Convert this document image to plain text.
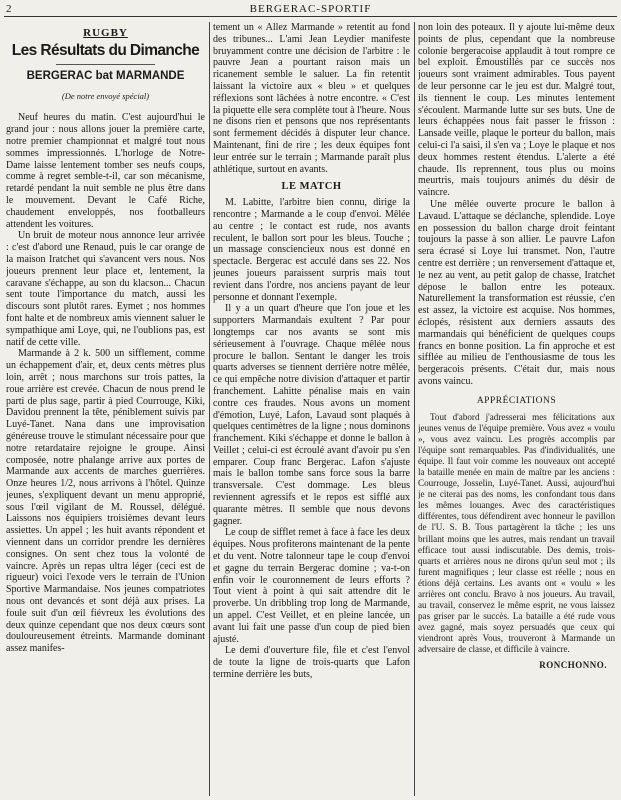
2	BERGERAC-SPORTIF
RUGBY
Les Résultats du Dimanche
BERGERAC bat MARMANDE
(De notre envoyé spécial)

Neuf heures du matin. C'est aujourd'hui le grand jour : nous allons jouer la première carte, notre premier championnat et malgré tout nous sommes impressionnés. L'horloge de Notre-Dame laisse lentement tomber ses neufs coups, comme à regret semble-t-il, car son mécanisme, retardé pendant la nuit semble ne plus être dans le mouvement. Devant le Café Riche, chaudement enveloppés, nos footballeurs attendent les voitures.

Un bruit de moteur nous annonce leur arrivée : c'est d'abord une Renaud, puis le car orange de la maison Iratchet qui s'avancent vers nous. Nos joueurs prennent leur place et, lentement, la caravane s'échappe, au son du klacson... Chacun sent toute l'importance du match, aussi les discours sont plutôt rares. Eymet ; nos hommes font halte et de nombreux amis viennent saluer le sympathique ami Loye, qui, ne l'oublions pas, est natif de cette ville.

Marmande à 2 k. 500 un sifflement, comme un échappement d'air, et, deux cents mètres plus loin, arrêt ; nous marchons sur trois pattes, la roue arrière est crevée. Chacun de nous prend le parti de plus sage, partir à pied Courrouge, Kiki, Davidou prennent la tête, péniblement suivis par Luyé-Tanet. Nana dans une improvisation généreuse trouve le stimulant nécessaire pour que notre retardataire rejoigne le groupe. Ainsi composée, notre phalange arrive aux portes de Marmande aux accents de marches guerrières. Onze heures 1/2, nous arrivons à l'hôtel. Quinze jeunes, s'expliquent devant un menu approprié, sous l'œil vigilant de M. Roussel, délégué. Laissons nos équipiers troisièmes devant leurs assiettes. Un appel ; les huit avants répondent et viennent dans un corridor prendre les dernières consignes. On sent chez tous la volonté de vaincre. Après un repas ultra léger (ceci est de rigueur) voici l'exode vers le terrain de l'Union Sportive Marmandaise. Nos jeunes compatriotes nous ont devancés et sont déjà aux prises. La foule suit d'un œil fiévreux les évolutions des deux quinze cependant que nos deux cœurs sont douloureusement étreints. Marmande dominant assez manifes-

tement un « Allez Marmande » retentit au fond des tribunes... L'ami Jean Leydier manifeste bruyamment contre une décision de l'arbitre : le pauvre Jean a pourtant raison mais un ricanement semble le saluer. La fin retentit laissant la victoire aux « bleu » et quelques réflexions sont lâchées à notre encontre. « C'est la piquette elle sera complète tout à l'heure. Nous ne disons rien et pensons que nos représentants sont fermement décidés à disputer leur chance. Maintenant, fini de rire ; les deux équipes font leur entrée sur le terrain ; Marmande paraît plus athlétique, surtout en avants.

LE MATCH

M. Labitte, l'arbitre bien connu, dirige la rencontre ; Marmande a le coup d'envoi. Mêlée au centre ; le contact est rude, nos avants reculent, le ballon sort pour les bleus. Touche ; un massage consciencieux nous est donné en spectacle. Bergerac est acculé dans ses 22. Nos jeunes joueurs paraissent surpris mais tout revient dans l'ordre, nos anciens payant de leur personne et donnant l'exemple.

Il y a un quart d'heure que l'on joue et les supporters Marmandais exultent ? Par pour longtemps car nos avants se sont mis sérieusement à l'ouvrage. Chaque mêlée nous procure le ballon. Sentant le danger les trois quarts adverses se tiennent derrière notre mêlée, ce qui empêche notre division d'attaquer et partir franchement. Lahitte pénalise mais en vain contre ces fraudes. Nous avons un moment d'émotion, Luyé, Lafon, Lavaud sont plaqués à quelques centimètres de la ligne ; nous dominons franchement. Kiki s'échappe et donne le ballon à Veillet ; celui-ci est écroulé avant d'avoir pu s'en emparer. Coup franc Bergerac. Lafon s'ajuste mais le ballon tombe sans force sous la barre transversale. C'est dommage. Les bleus reviennent agressifs et le repos est sifflé aux quarante mètres. Il semble que nous devons gagner.

Le coup de sifflet remet à face à face les deux équipes. Nous profiterons maintenant de la pente et du vent. Notre talonneur tape le coup d'envoi et gagne du terrain Bergerac domine ; va-t-on enfin voir le couronnement de leurs efforts ? Tout vient à point à qui sait attendre dit le proverbe. Un dribbling trop long de Marmande, un appel. C'est Veillet, et en pleine lancée, un avant lui fait une passe d'un coup de pied bien ajusté.

Le demi d'ouverture file, file et c'est l'envol de toute la ligne de trois-quarts que Lafon termine derrière les buts,

non loin des poteaux. Il y ajoute lui-même deux points de plus, cependant que la nombreuse colonie bergeracoise applaudit à tout rompre ce bel exploit. Émoustillés par ce succès nos joueurs sont vraiment admirables. Tous payent de leur personne car le jeu est dur. Malgré tout, ils tiennent le coup. Les minutes lentement s'écoulent. Marmande lutte sur ses buts. Une de leurs échappées nous fait passer le frisson : Lansade veille, plaque le porteur du ballon, mais celui-ci l'a saisi, il s'en va ; Loye le plaque et nos deux hommes restent étendus. L'alerte a été chaude. Ils reprennent, tous plus ou moins meurtris, mais toujours animés du désir de vaincre.

Une mêlée ouverte procure le ballon à Lavaud. L'attaque se déclanche, splendide. Loye en possession du ballon charge droit feintant toujours la passe à son allier. Le pauvre Lafon sera écrasé si Loye lui transmet. Non, l'autre centre est derrière ; un renversement d'attaque et, le nez au vent, au petit galop de chasse, Iratchet dépose le ballon entre les poteaux. Naturellement la transformation est réussie, c'en est assez, la victoire est acquise. Nos hommes, éclopés, résistent aux derniers assauts des marmandais qui bénéficient de quelques coups francs en bonne position. La fin approche et est sifflée au milieu de l'enthousiasme de tous les bergeracois présents. C'était dur, mais nous avons vaincu.

APPRÉCIATIONS

Tout d'abord j'adresserai mes félicitations aux jeunes venus de l'équipe première. Vous avez « voulu », vous avez vaincu. Les progrès accomplis par l'équipe sont remarquables. Pas d'individualités, une équipe. Il faut voir comme les nouveaux ont accepté la bataille menée en main de maître par les anciens : Courrouge, Josselin, Luyé-Tanet. Aussi, aujourd'hui je ne citerai pas des noms, les confondant tous dans les mêmes louanges. Avec des caractéristiques différentes, tous défendirent avec honneur le pavillon de l'U. S. B. Tous partagèrent la tâche ; les uns brillant moins que les autres, mais rendant un travail efficace tout aussi indiscutable. Des demis, trois-quarts et arrières nous ne dirons qu'un seul mot ; ils furent magnifiques ; leur classe est réelle ; nous en étions déjà certains. Les avants ont « voulu » les arrières ont conclu. Bravo à nos joueurs. Au travail, au travail, conservez le même esprit, ne vous laissez pas griser par le succès. La bataille a été rude vous avez gagné, mais soyez persuadés que ceux qui viendront après Vous, trouveront à Marmande un adversaire de classe, et difficile à vaincre.

RONCHONNO.
